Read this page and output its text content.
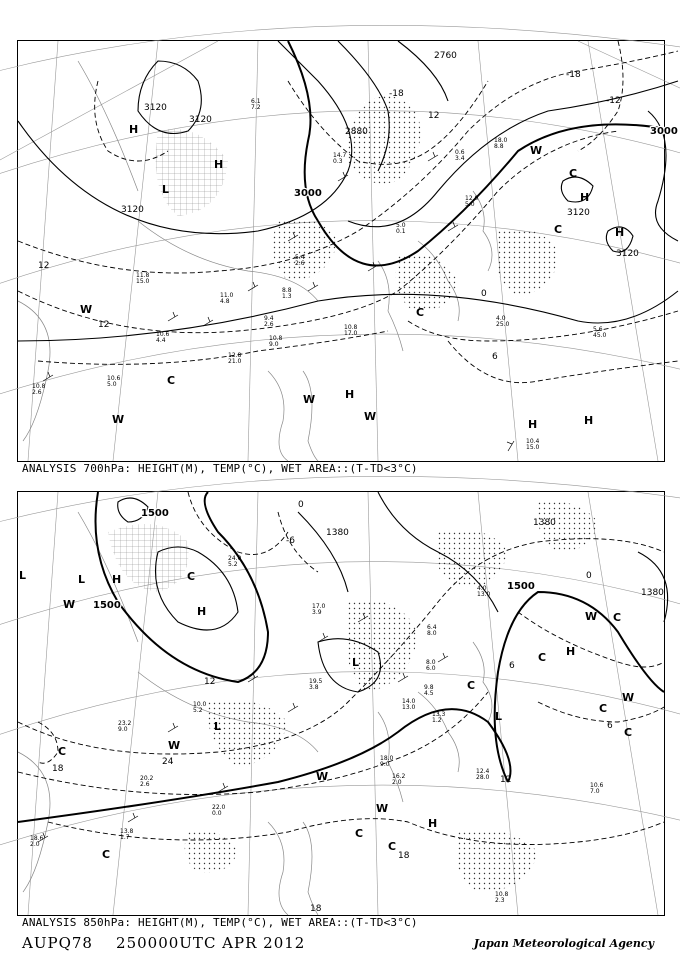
H
H
L
H
H
W
C
W
H
W
H	H
C
C
C
W
W
3120
3120
3120	3120
3120
3000
3000
2880
2760
12
12
12
-12
-18
-18
0
6
10.8
2.6
10.6
5.0
10.6
4.4
11.8
15.0
11.0
4.8
9.4
2.6
12.8
21.0
10.8
17.0
10.8
9.0
4.0
25.0
5.6
45.0
10.4
15.0
5.4
2.6
8.8
1.3
5.0
0.1
12.0
5.0
18.0
8.8
0.6
3.4
14.7
0.3
6.1
7.2
ANALYSIS 700hPa: HEIGHT(M), TEMP(°C), WET AREA::(T-TD<3°C)
L H
W
C
H
L
W
C
L	C H
C
L
C
C
W
W C
W
W
C
H
C
C
L
1500
1500
1500
1380
1380
1380
12
18
18
18
24
0
-6
0
6
6
12
18.6
2.0
13.8
1.7
20.2
2.6
23.2
9.0
22.0
0.0
16.2
2.0
12.4
28.0
10.6
7.0
10.8
2.3
10.0
5.2
14.0
13.0
9.8
4.5
13.3
1.2
8.0
6.0
6.4
8.0
4.0
13.0
17.0
3.9
19.5
3.8
18.0
9.0
24.0
5.2
ANALYSIS 850hPa: HEIGHT(M), TEMP(°C), WET AREA::(T-TD<3°C)
AUPQ78 250000UTC APR 2012	Japan Meteorological Agency
